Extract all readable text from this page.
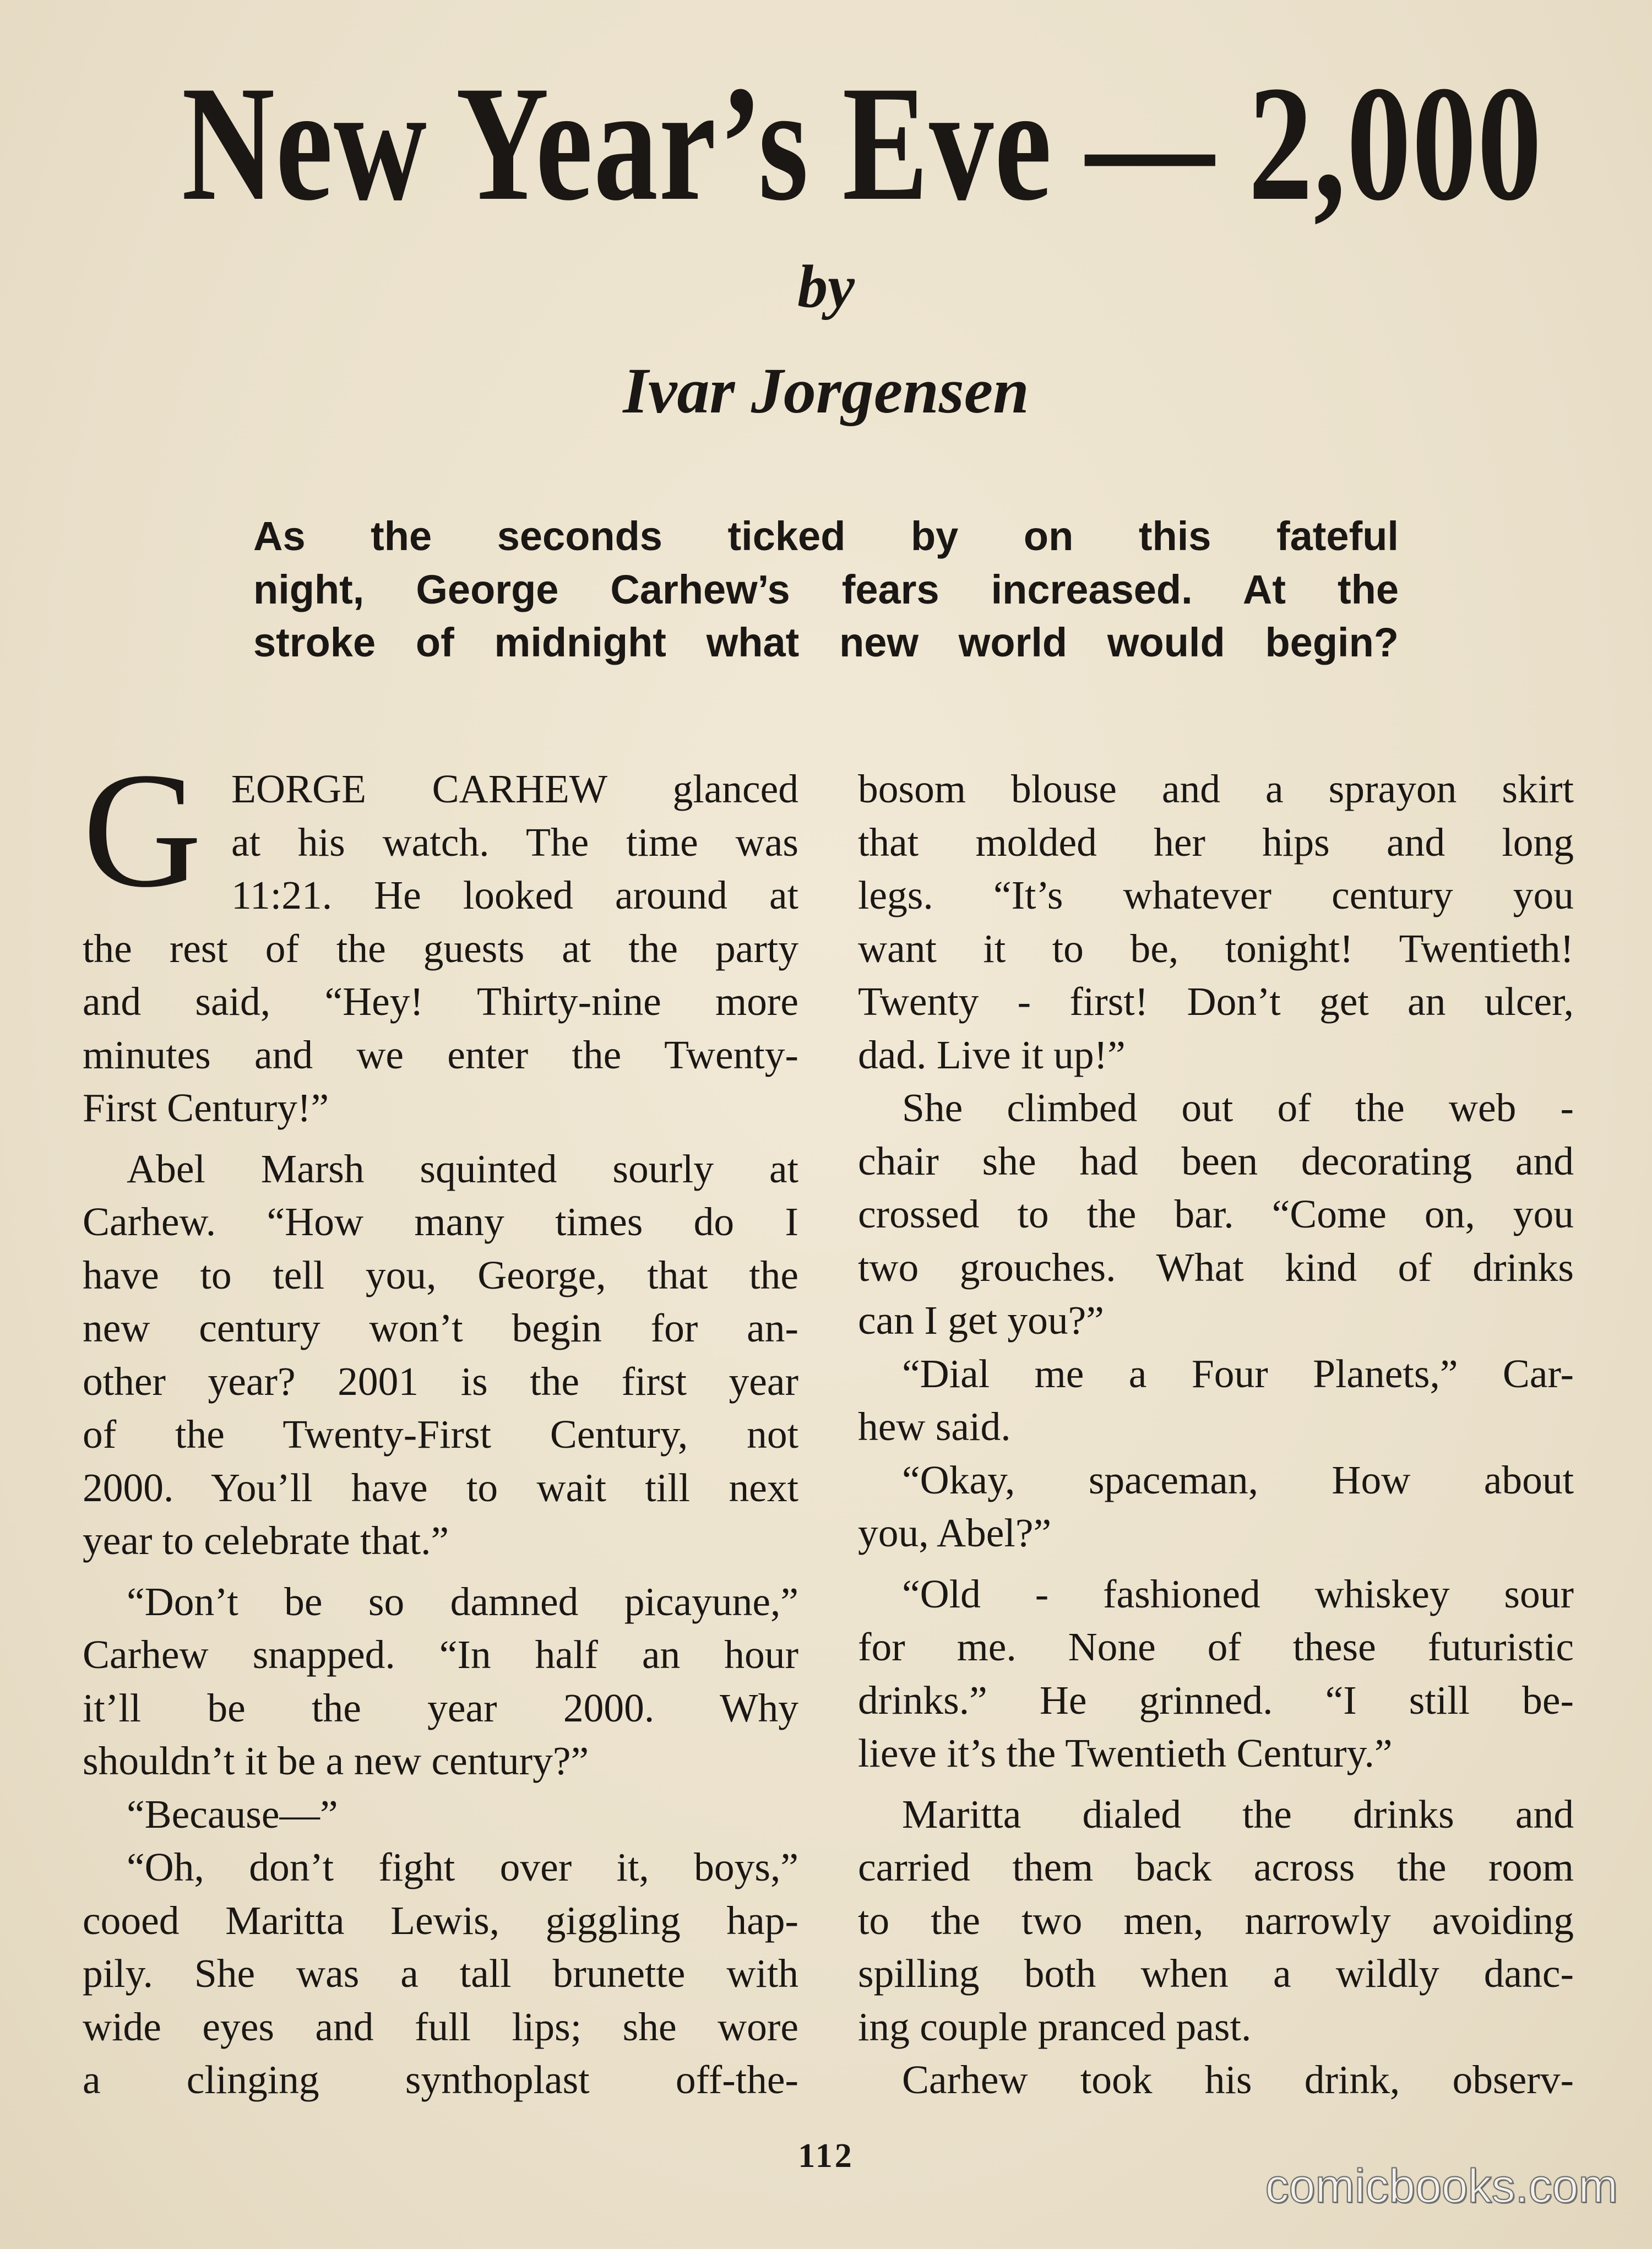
New Year’s Eve — 2,000
by
Ivar Jorgensen
As the seconds ticked by on this fateful
night, George Carhew’s fears increased. At the
stroke of midnight what new world would begin?
G EORGE CARHEW glanced
at his watch. The time was
11:21. He looked around at
the rest of the guests at the party
and said, “Hey! Thirty-nine more
minutes and we enter the Twenty-
First Century!”
Abel Marsh squinted sourly at
Carhew. “How many times do I
have to tell you, George, that the
new century won’t begin for an-
other year? 2001 is the first year
of the Twenty-First Century, not
2000. You’ll have to wait till next
year to celebrate that.”
“Don’t be so damned picayune,”
Carhew snapped. “In half an hour
it’ll be the year 2000. Why
shouldn’t it be a new century?”
“Because—”
“Oh, don’t fight over it, boys,”
cooed Maritta Lewis, giggling hap-
pily. She was a tall brunette with
wide eyes and full lips; she wore
a clinging synthoplast off-the-
bosom blouse and a sprayon skirt
that molded her hips and long
legs. “It’s whatever century you
want it to be, tonight! Twentieth!
Twenty - first! Don’t get an ulcer,
dad. Live it up!”
She climbed out of the web -
chair she had been decorating and
crossed to the bar. “Come on, you
two grouches. What kind of drinks
can I get you?”
“Dial me a Four Planets,” Car-
hew said.
“Okay, spaceman, How about
you, Abel?”
“Old - fashioned whiskey sour
for me. None of these futuristic
drinks.” He grinned. “I still be-
lieve it’s the Twentieth Century.”
Maritta dialed the drinks and
carried them back across the room
to the two men, narrowly avoiding
spilling both when a wildly danc-
ing couple pranced past.
Carhew took his drink, observ-
112
comicbooks.com
